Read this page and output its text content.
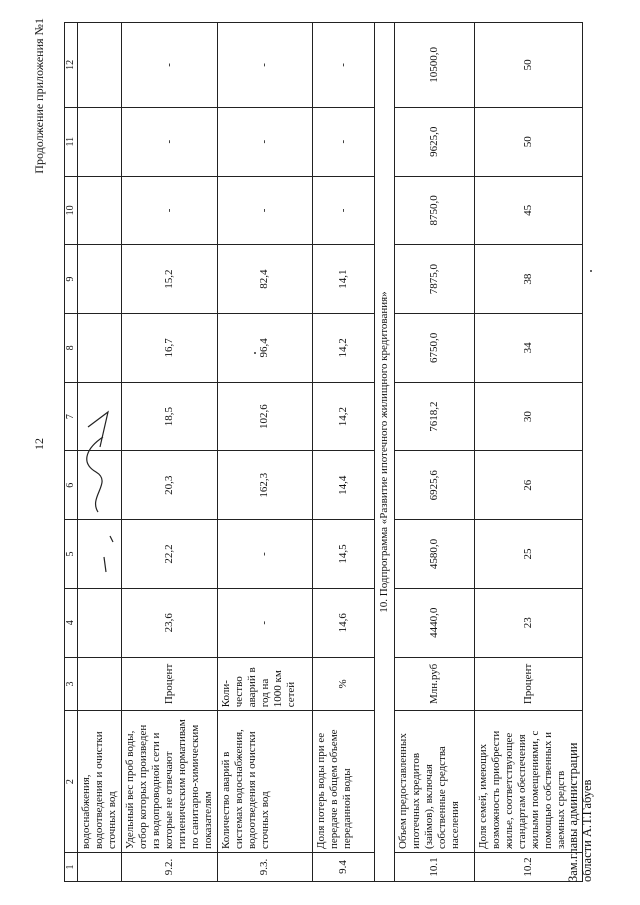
12
Продолжение приложения №1
1	2	3	4	5	6	7	8	9	10	11	12
	водоснабжения, водоотведения и очистки сточных вод										
9.2.	Удельный вес проб воды, отбор которых произведен из водопроводной сети и которые не отвечают гигиеническим нормативам по санитарно-химическим показателям	Процент	23,6	22,2	20,3	18,5	16,7	15,2	-	-	-
9.3.	Количество аварий в системах водоснабжения, водоотведения и очистки сточных вод	Коли-чество аварий в год на 1000 км сетей	-	-	162,3	102,6	96,4	82,4	-	-	-
9.4	Доля потерь воды при ее передаче в общем объеме переданной воды	%	14,6	14,5	14,4	14,2	14,2	14,1	-	-	-
10. Подпрограмма «Развитие ипотечного жилищного кредитования»											
10.1	Объем предоставленных ипотечных кредитов (займов), включая собственные средства населения	Млн.руб	4440,0	4580,0	6925,6	7618,2	6750,0	7875,0	8750,0	9625,0	10500,0
10.2	Доля семей, имеющих возможность приобрести жилье, соответствующее стандартам обеспечения жилыми помещениями, с помощью собственных и заемных средств	Процент	23	25	26	30	34	38	45	50	50
Зам.главы администрации области А.Т.Габуев
